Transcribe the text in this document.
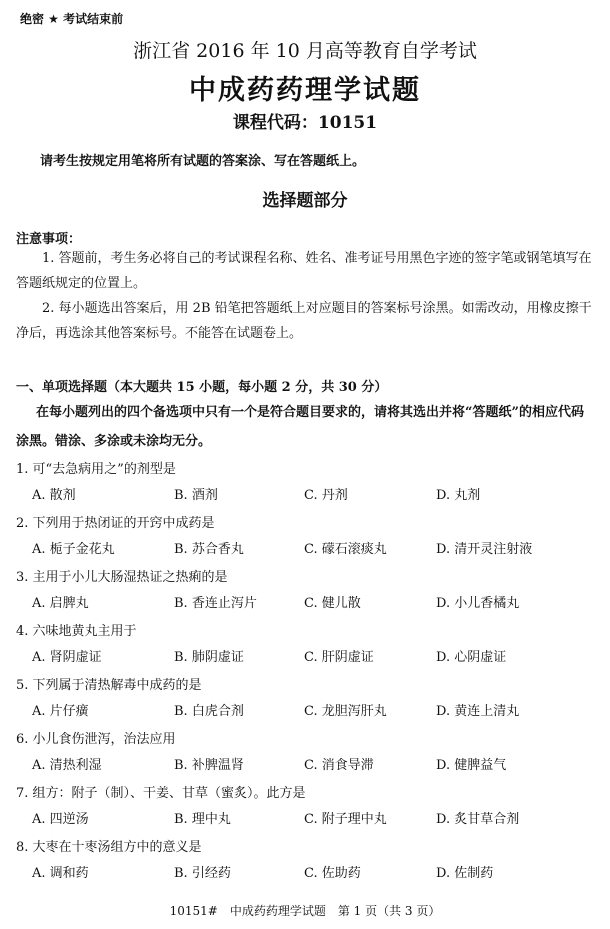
绝密 ★ 考试结束前
浙江省 2016 年 10 月高等教育自学考试
中成药药理学试题
课程代码：10151
请考生按规定用笔将所有试题的答案涂、写在答题纸上。
选择题部分
注意事项：
1. 答题前，考生务必将自己的考试课程名称、姓名、准考证号用黑色字迹的签字笔或钢笔填写在答题纸规定的位置上。
2. 每小题选出答案后，用 2B 铅笔把答题纸上对应题目的答案标号涂黑。如需改动，用橡皮擦干净后，再选涂其他答案标号。不能答在试题卷上。
一、单项选择题（本大题共 15 小题，每小题 2 分，共 30 分）
在每小题列出的四个备选项中只有一个是符合题目要求的，请将其选出并将“答题纸”的相应代码涂黑。错涂、多涂或未涂均无分。
1. 可“去急病用之”的剂型是
A. 散剂	B. 酒剂	C. 丹剂	D. 丸剂
2. 下列用于热闭证的开窍中成药是
A. 栀子金花丸	B. 苏合香丸	C. 礞石滚痰丸	D. 清开灵注射液
3. 主用于小儿大肠湿热证之热痢的是
A. 启脾丸	B. 香连止泻片	C. 健儿散	D. 小儿香橘丸
4. 六味地黄丸主用于
A. 肾阴虚证	B. 肺阴虚证	C. 肝阴虚证	D. 心阴虚证
5. 下列属于清热解毒中成药的是
A. 片仔癀	B. 白虎合剂	C. 龙胆泻肝丸	D. 黄连上清丸
6. 小儿食伤泄泻，治法应用
A. 清热利湿	B. 补脾温肾	C. 消食导滞	D. 健脾益气
7. 组方：附子（制）、干姜、甘草（蜜炙）。此方是
A. 四逆汤	B. 理中丸	C. 附子理中丸	D. 炙甘草合剂
8. 大枣在十枣汤组方中的意义是
A. 调和药	B. 引经药	C. 佐助药	D. 佐制药
10151#　中成药药理学试题　第 1 页（共 3 页）
